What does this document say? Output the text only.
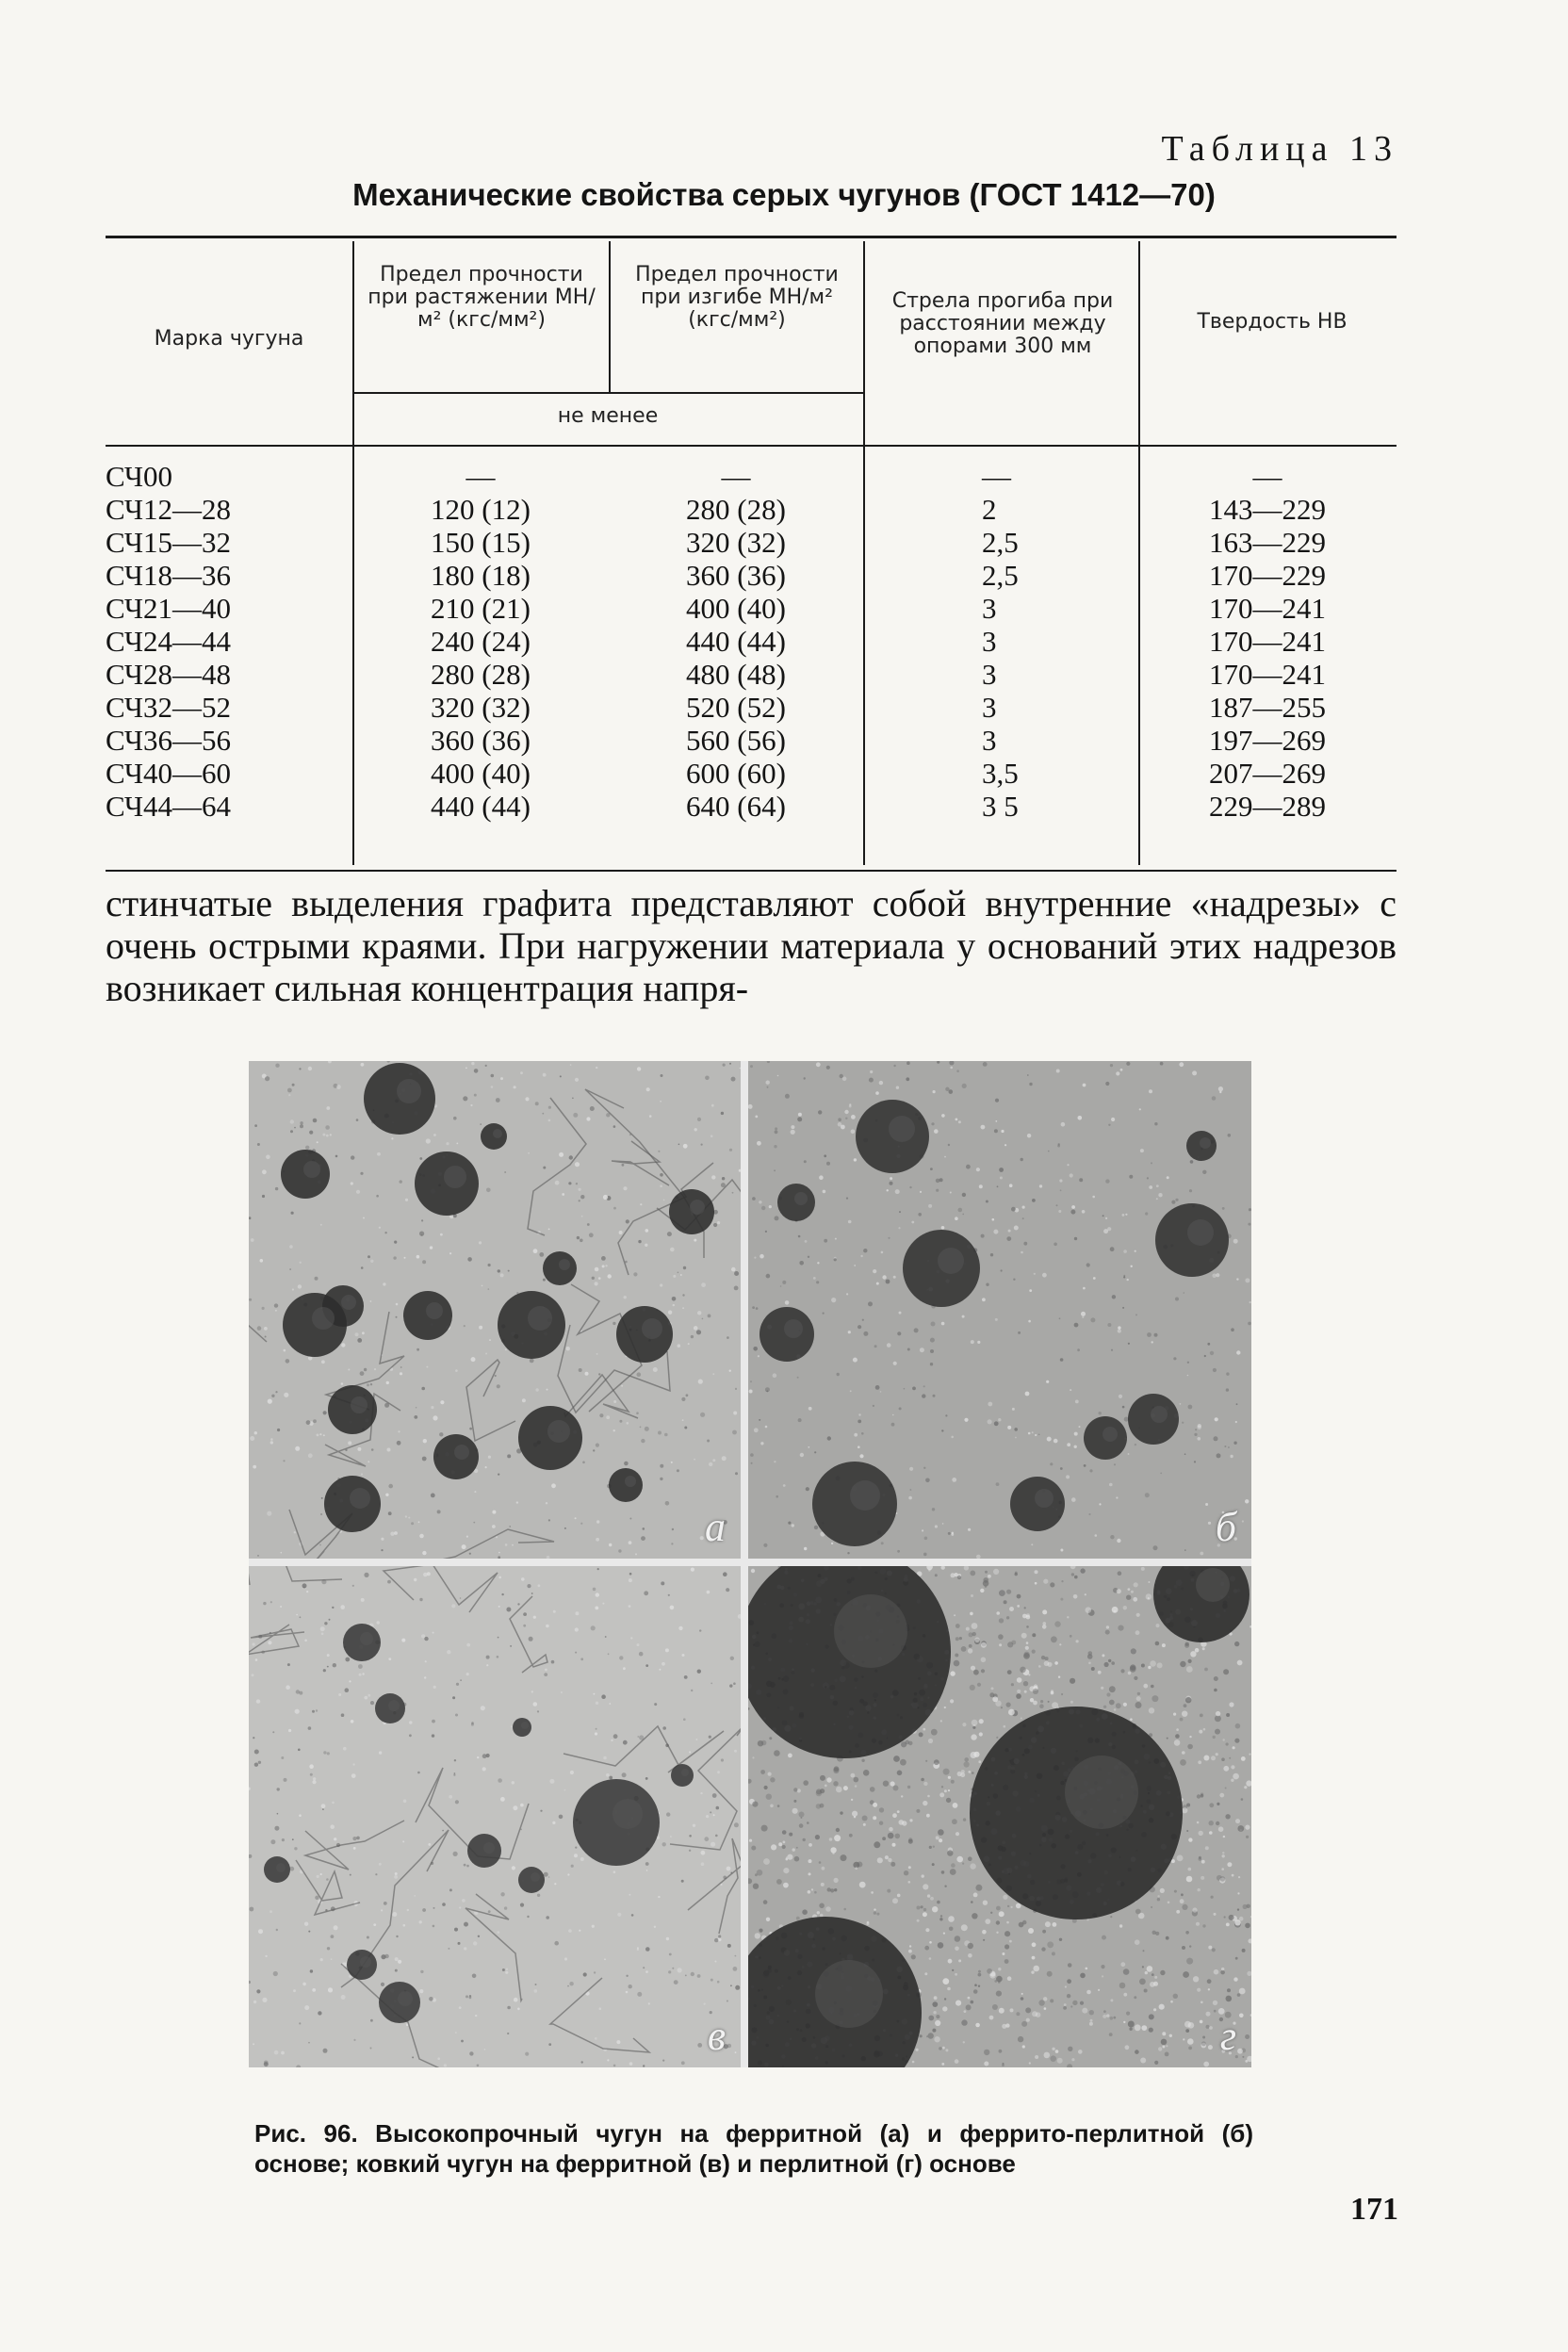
Таблица 13
Механические свойства серых чугунов (ГОСТ 1412—70)
Марка чугуна
Предел прочности при растяжении МН/м² (кгс/мм²)
Предел прочности при изгибе МН/м² (кгс/мм²)
не менее
Стрела прогиба при расстоянии между опорами 300 мм
Твердость HB
СЧ00
СЧ12—28
СЧ15—32
СЧ18—36
СЧ21—40
СЧ24—44
СЧ28—48
СЧ32—52
СЧ36—56
СЧ40—60
СЧ44—64
—
120 (12)
150 (15)
180 (18)
210 (21)
240 (24)
280 (28)
320 (32)
360 (36)
400 (40)
440 (44)
—
280 (28)
320 (32)
360 (36)
400 (40)
440 (44)
480 (48)
520 (52)
560 (56)
600 (60)
640 (64)
—
2
2,5
2,5
3
3
3
3
3
3,5
3 5
—
143—229
163—229
170—229
170—241
170—241
170—241
187—255
197—269
207—269
229—289
стинчатые выделения графита представляют собой внутренние «надрезы» с очень острыми краями. При нагружении материала у оснований этих надрезов возникает сильная концентрация напря-
а	б
в	г
Рис. 96. Высокопрочный чугун на ферритной (а) и феррито-перлитной (б) основе; ковкий чугун на ферритной (в) и перлитной (г) основе
171
